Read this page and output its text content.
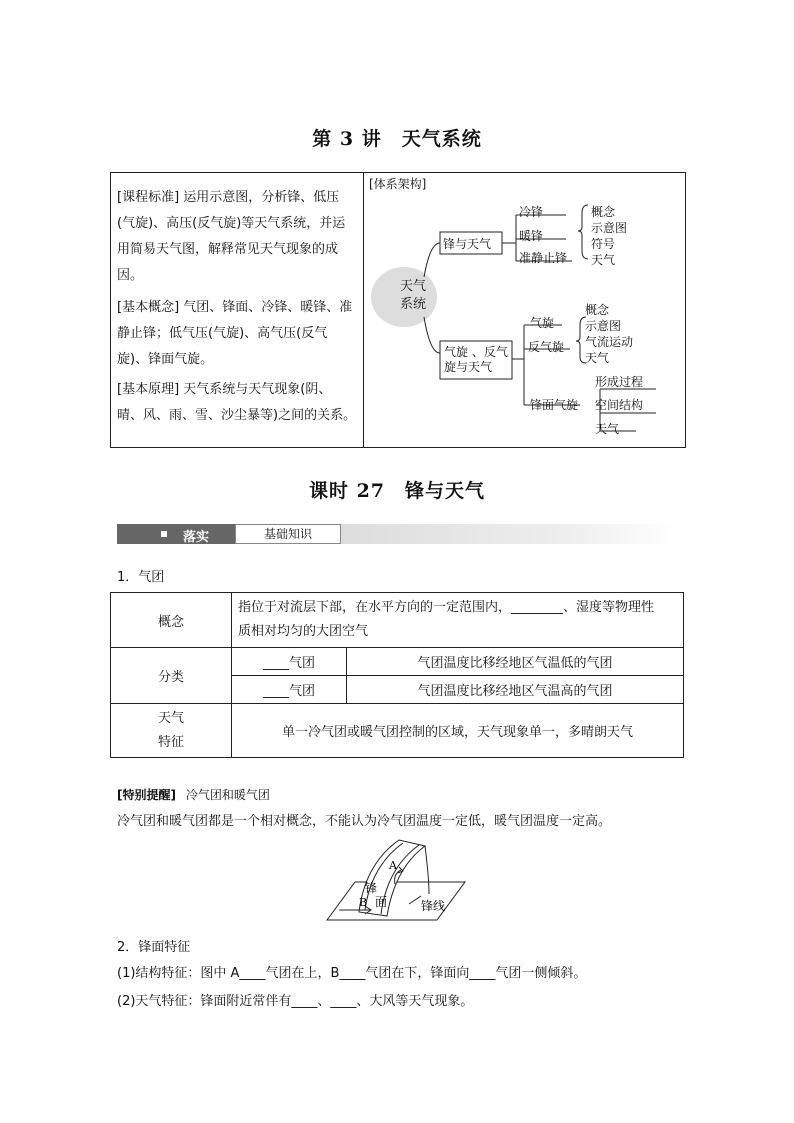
第 3 讲　天气系统
[课程标准] 运用示意图，分析锋、低压(气旋)、高压(反气旋)等天气系统，并运用简易天气图，解释常见天气现象的成因。
[基本概念] 气团、锋面、冷锋、暖锋、准静止锋；低气压(气旋)、高气压(反气旋)、锋面气旋。
[基本原理] 天气系统与天气现象(阴、晴、风、雨、雪、沙尘暴等)之间的关系。
[体系架构]
天气
系统
锋与天气
冷锋
暖锋
准静止锋
概念
示意图
符号
天气
气旋 、反气
旋与天气
气旋
反气旋
概念
示意图
气流运动
天气
锋面气旋
形成过程
空间结构
天气
课时 27　锋与天气
落实	基础知识
1．气团
概念	指位于对流层下部，在水平方向的一定范围内，________、湿度等物理性
质相对均匀的大团空气	

分类	____气团	气团温度比移经地区气温低的气团
	____气团	气团温度比移经地区气温高的气团

天气
特征	单一冷气团或暖气团控制的区域，天气现象单一，多晴朗天气	
[特别提醒] 冷气团和暖气团
冷气团和暖气团都是一个相对概念，不能认为冷气团温度一定低，暖气团温度一定高。
A
B
锋
面	锋线
2．锋面特征
(1)结构特征：图中 A____气团在上，B____气团在下，锋面向____气团一侧倾斜。
(2)天气特征：锋面附近常伴有____、____、大风等天气现象。
